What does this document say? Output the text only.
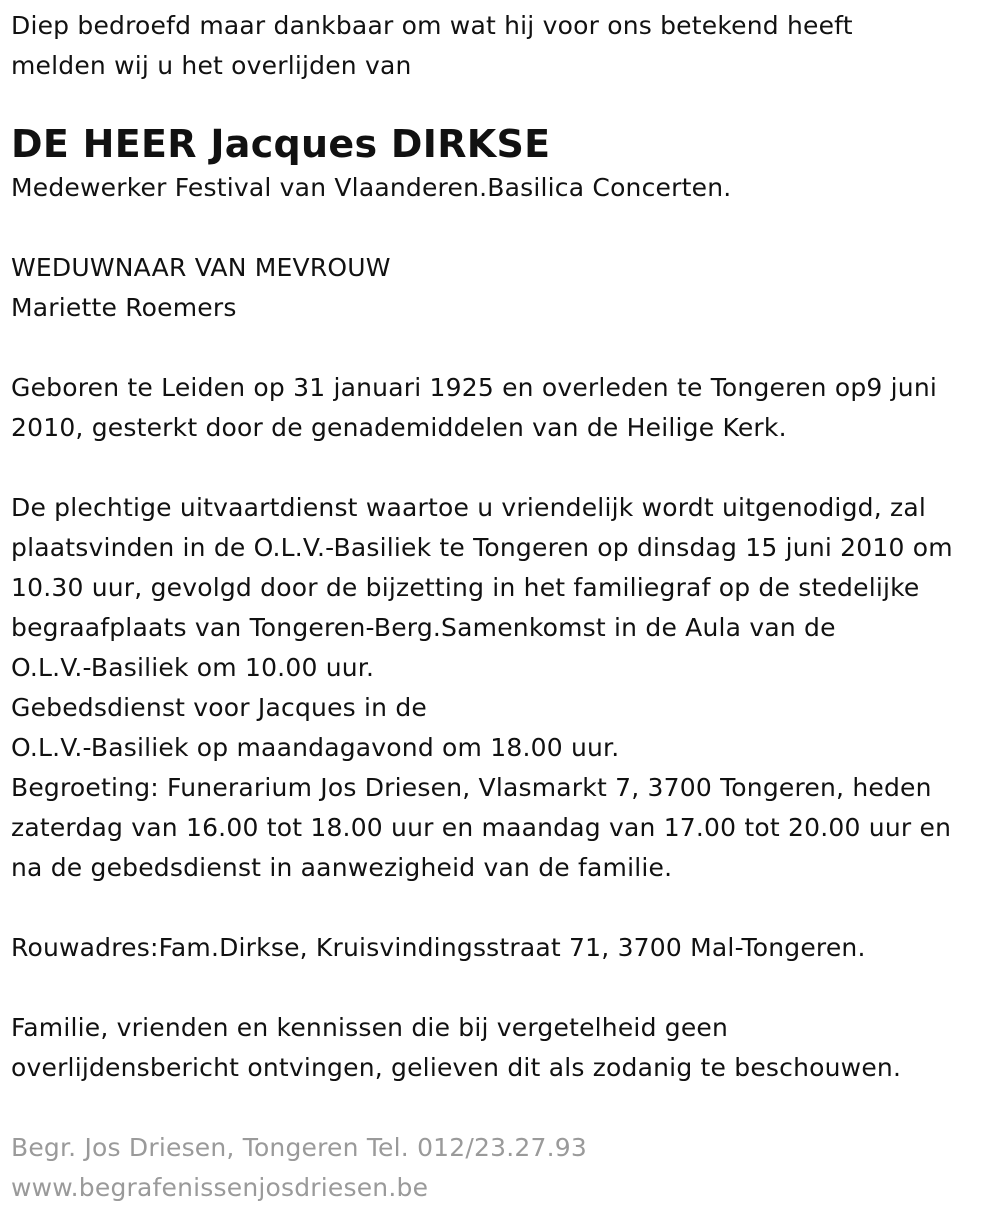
Diep bedroefd maar dankbaar om wat hij voor ons betekend heeft
melden wij u het overlijden van
DE HEER Jacques DIRKSE
Medewerker Festival van Vlaanderen.Basilica Concerten.
WEDUWNAAR VAN MEVROUW
Mariette Roemers
Geboren te Leiden op 31 januari 1925 en overleden te Tongeren op9 juni
2010, gesterkt door de genademiddelen van de Heilige Kerk.
De plechtige uitvaartdienst waartoe u vriendelijk wordt uitgenodigd, zal
plaatsvinden in de O.L.V.-Basiliek te Tongeren op dinsdag 15 juni 2010 om
10.30 uur, gevolgd door de bijzetting in het familiegraf op de stedelijke
begraafplaats van Tongeren-Berg.Samenkomst in de Aula van de
O.L.V.-Basiliek om 10.00 uur.
Gebedsdienst voor Jacques in de
O.L.V.-Basiliek op maandagavond om 18.00 uur.
Begroeting: Funerarium Jos Driesen, Vlasmarkt 7, 3700 Tongeren, heden
zaterdag van 16.00 tot 18.00 uur en maandag van 17.00 tot 20.00 uur en
na de gebedsdienst in aanwezigheid van de familie.
Rouwadres:Fam.Dirkse, Kruisvindingsstraat 71, 3700 Mal-Tongeren.
Familie, vrienden en kennissen die bij vergetelheid geen
overlijdensbericht ontvingen, gelieven dit als zodanig te beschouwen.
Begr. Jos Driesen, Tongeren Tel. 012/23.27.93
www.begrafenissenjosdriesen.be
